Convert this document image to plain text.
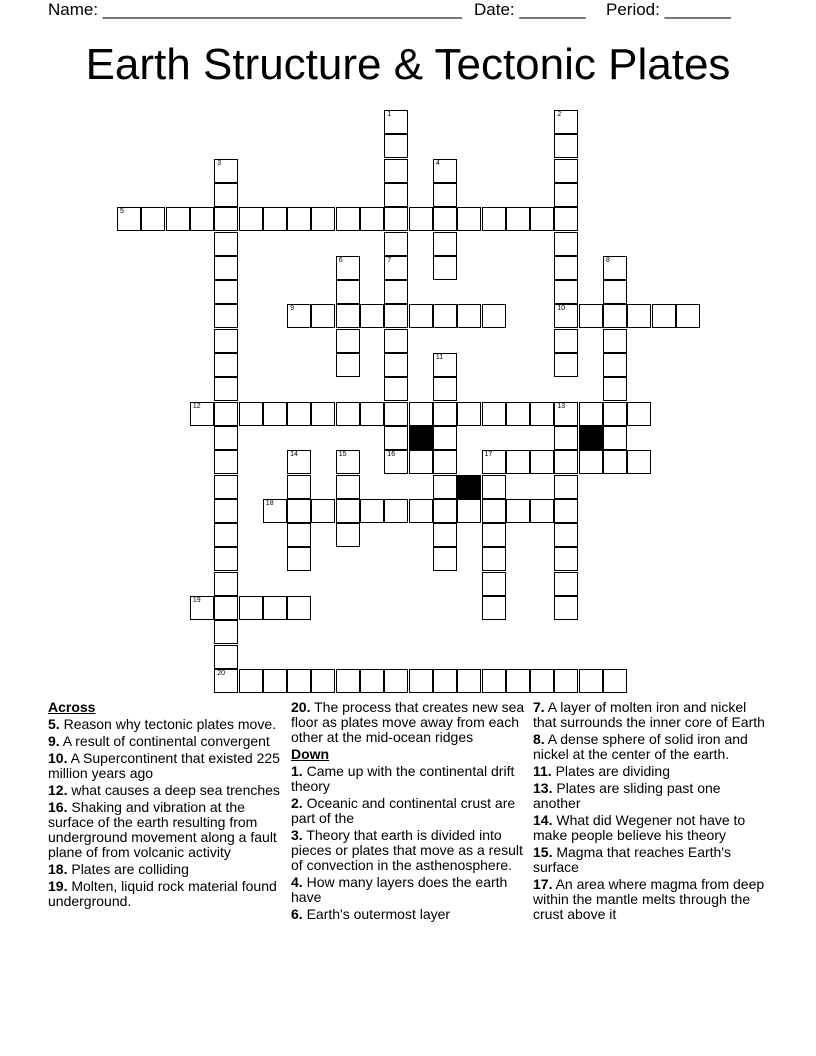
Name: ______________________________________ Date: _______ Period: _______
Earth Structure & Tectonic Plates
1
7
2
10
3	4
5
6
16
8
9
11
12	13
14	15	17
18
19
20
Across
5. Reason why tectonic plates move.
9. A result of continental convergent
10. A Supercontinent that existed 225 million years ago
12. what causes a deep sea trenches
16. Shaking and vibration at the surface of the earth resulting from underground movement along a fault plane of from volcanic activity
18. Plates are colliding
19. Molten, liquid rock material found underground.
20. The process that creates new sea floor as plates move away from each other at the mid-ocean ridges
Down
1. Came up with the continental drift theory
2. Oceanic and continental crust are part of the
3. Theory that earth is divided into pieces or plates that move as a result of convection in the asthenosphere.
4. How many layers does the earth have
6. Earth's outermost layer
7. A layer of molten iron and nickel that surrounds the inner core of Earth
8. A dense sphere of solid iron and nickel at the center of the earth.
11. Plates are dividing
13. Plates are sliding past one another
14. What did Wegener not have to make people believe his theory
15. Magma that reaches Earth's surface
17. An area where magma from deep within the mantle melts through the crust above it
